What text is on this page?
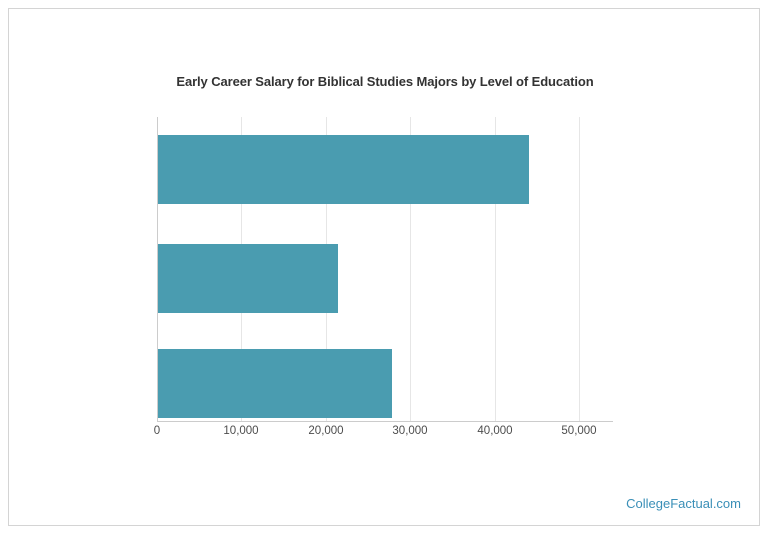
Early Career Salary for Biblical Studies Majors by Level of Education
0	10,000	20,000	30,000	40,000	50,000
CollegeFactual.com
